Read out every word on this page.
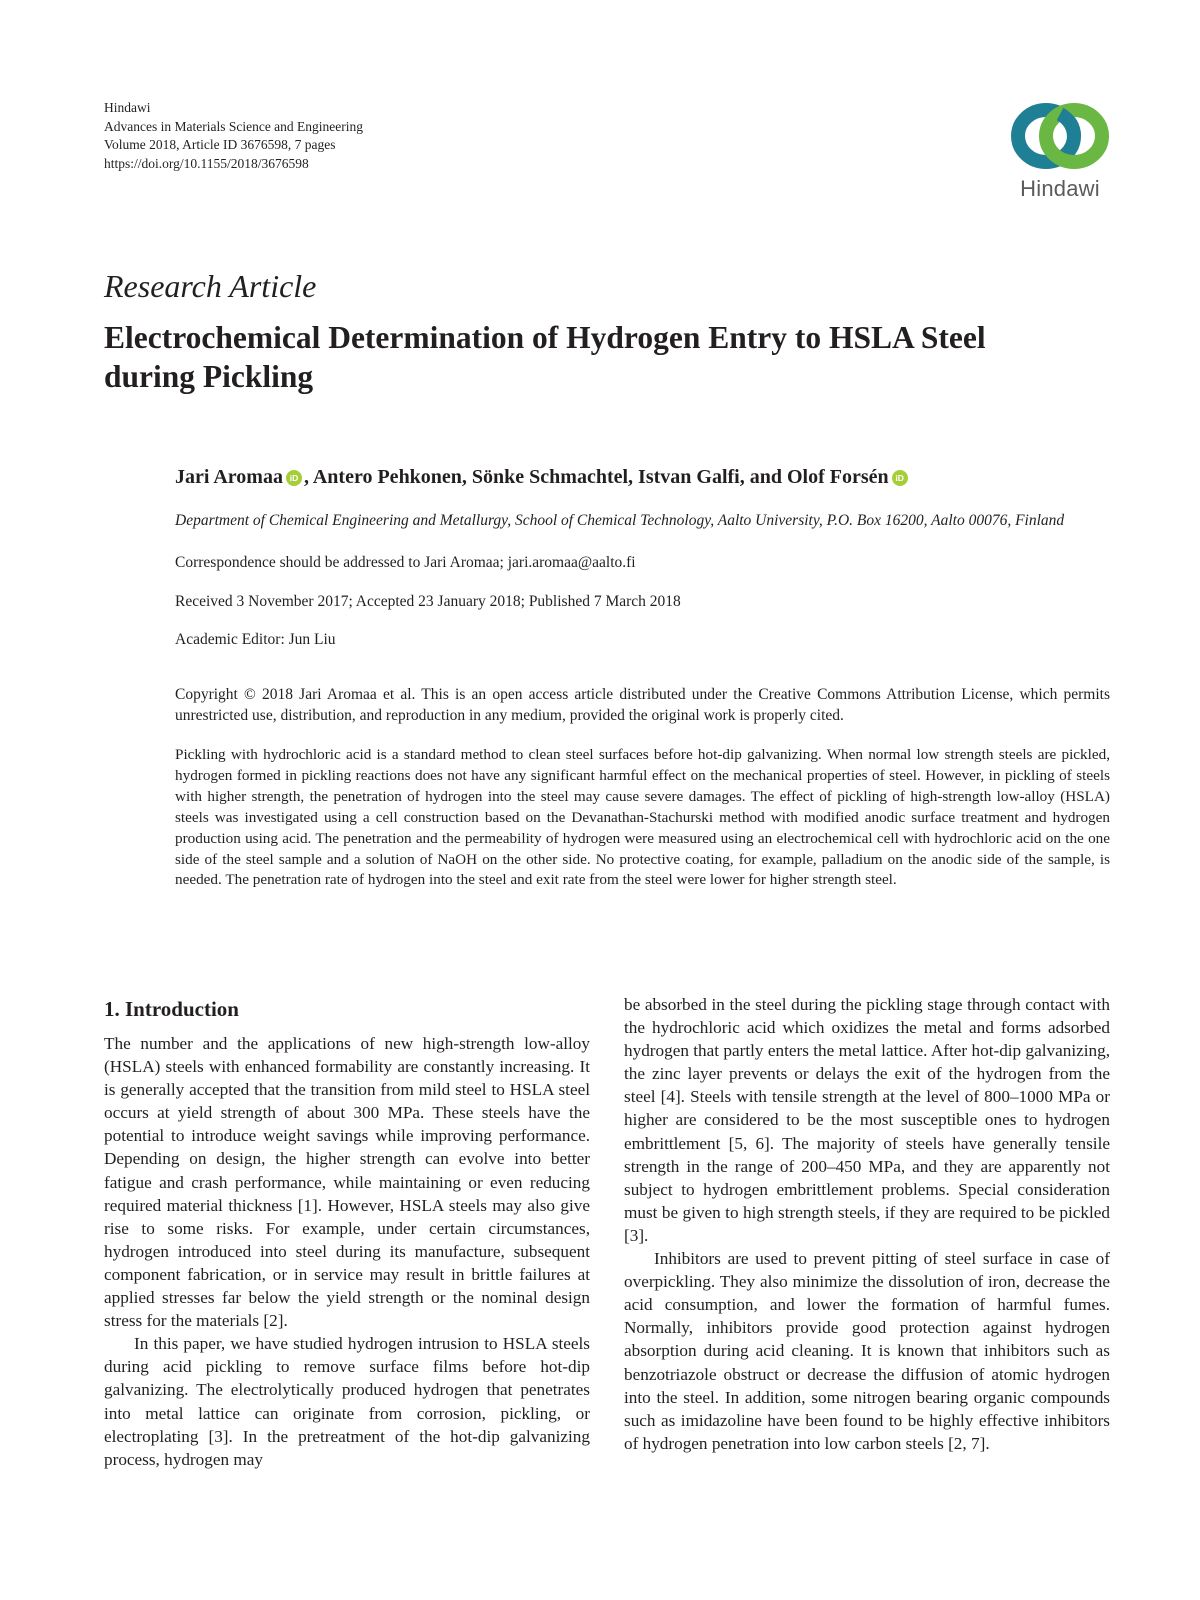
Hindawi
Advances in Materials Science and Engineering
Volume 2018, Article ID 3676598, 7 pages
https://doi.org/10.1155/2018/3676598
Hindawi
Research Article
Electrochemical Determination of Hydrogen Entry to HSLA Steel during Pickling
Jari Aromaa iD , Antero Pehkonen, Sönke Schmachtel, Istvan Galfi, and Olof Forsén iD
Department of Chemical Engineering and Metallurgy, School of Chemical Technology, Aalto University, P.O. Box 16200, Aalto 00076, Finland
Correspondence should be addressed to Jari Aromaa; jari.aromaa@aalto.fi
Received 3 November 2017; Accepted 23 January 2018; Published 7 March 2018
Academic Editor: Jun Liu
Copyright © 2018 Jari Aromaa et al. This is an open access article distributed under the Creative Commons Attribution License, which permits unrestricted use, distribution, and reproduction in any medium, provided the original work is properly cited.
Pickling with hydrochloric acid is a standard method to clean steel surfaces before hot-dip galvanizing. When normal low strength steels are pickled, hydrogen formed in pickling reactions does not have any significant harmful effect on the mechanical properties of steel. However, in pickling of steels with higher strength, the penetration of hydrogen into the steel may cause severe damages. The effect of pickling of high-strength low-alloy (HSLA) steels was investigated using a cell construction based on the Devanathan-Stachurski method with modified anodic surface treatment and hydrogen production using acid. The penetration and the permeability of hydrogen were measured using an electrochemical cell with hydrochloric acid on the one side of the steel sample and a solution of NaOH on the other side. No protective coating, for example, palladium on the anodic side of the sample, is needed. The penetration rate of hydrogen into the steel and exit rate from the steel were lower for higher strength steel.
1. Introduction

The number and the applications of new high-strength low-alloy (HSLA) steels with enhanced formability are constantly increasing. It is generally accepted that the transition from mild steel to HSLA steel occurs at yield strength of about 300 MPa. These steels have the potential to introduce weight savings while improving performance. Depending on design, the higher strength can evolve into better fatigue and crash performance, while maintaining or even reducing required material thickness [1]. However, HSLA steels may also give rise to some risks. For example, under certain circumstances, hydrogen introduced into steel during its manufacture, subsequent component fabrication, or in service may result in brittle failures at applied stresses far below the yield strength or the nominal design stress for the materials [2].

In this paper, we have studied hydrogen intrusion to HSLA steels during acid pickling to remove surface films before hot-dip galvanizing. The electrolytically produced hydrogen that penetrates into metal lattice can originate from corrosion, pickling, or electroplating [3]. In the pretreatment of the hot-dip galvanizing process, hydrogen may

be absorbed in the steel during the pickling stage through contact with the hydrochloric acid which oxidizes the metal and forms adsorbed hydrogen that partly enters the metal lattice. After hot-dip galvanizing, the zinc layer prevents or delays the exit of the hydrogen from the steel [4]. Steels with tensile strength at the level of 800–1000 MPa or higher are considered to be the most susceptible ones to hydrogen embrittlement [5, 6]. The majority of steels have generally tensile strength in the range of 200–450 MPa, and they are apparently not subject to hydrogen embrittlement problems. Special consideration must be given to high strength steels, if they are required to be pickled [3].

Inhibitors are used to prevent pitting of steel surface in case of overpickling. They also minimize the dissolution of iron, decrease the acid consumption, and lower the formation of harmful fumes. Normally, inhibitors provide good protection against hydrogen absorption during acid cleaning. It is known that inhibitors such as benzotriazole obstruct or decrease the diffusion of atomic hydrogen into the steel. In addition, some nitrogen bearing organic compounds such as imidazoline have been found to be highly effective inhibitors of hydrogen penetration into low carbon steels [2, 7].
